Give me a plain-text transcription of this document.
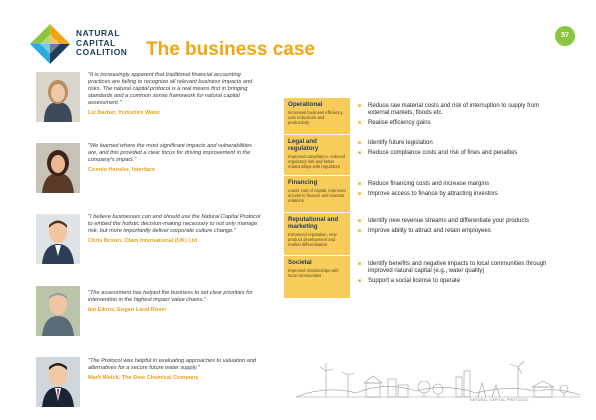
NATURAL
CAPITAL
COALITION The business case
57
"It is increasingly apparent that traditional financial accounting practices are failing to recognize all relevant business impacts and risks. The natural capital protocol is a real means first in bringing standards and a common sense framework for natural capital assessment."
Liz Barber, Yorkshire Water
"We learned where the most significant impacts and vulnerabilities are, and this provided a clear focus for driving improvement in the company's impact."
Connie Hensler, Interface
"I believe businesses can and should use the Natural Capital Protocol to embed the holistic decision-making necessary to not only manage risk, but more importantly deliver corporate culture change."
Chris Brown, Olam International (UK) Ltd
"The assessment has helped the business to set clear priorities for intervention in the highest impact value chains."
Ian Elkins, Engen Land Rover
"The Protocol was helpful in evaluating approaches to valuation and alternatives for a secure future water supply."
Mark Weick, The Dow Chemical Company
Operational
Increased business efficiency, cost reductions and productivity
■ Reduce raw material costs and risk of interruption to supply from external markets, floods etc.
■ Realise efficiency gains
Legal and regulatory
Improved compliance, reduced regulatory risk and better relationships with regulators
■ Identify future legislation
■ Reduce compliance costs and risk of fines and penalties
Financing
Lower cost of capital, improved access to finance and investor relations
■ Reduce financing costs and increase margins
■ Improve access to finance by attracting investors
Reputational and marketing
Enhanced reputation, new product development and market differentiation
■ Identify new revenue streams and differentiate your products
■ Improve ability to attract and retain employees
Societal
Improved relationships with local communities
■ Identify benefits and negative impacts to local communities through improved natural capital (e.g., water quality)
■ Support a social license to operate
NATURAL CAPITAL PROTOCOL
